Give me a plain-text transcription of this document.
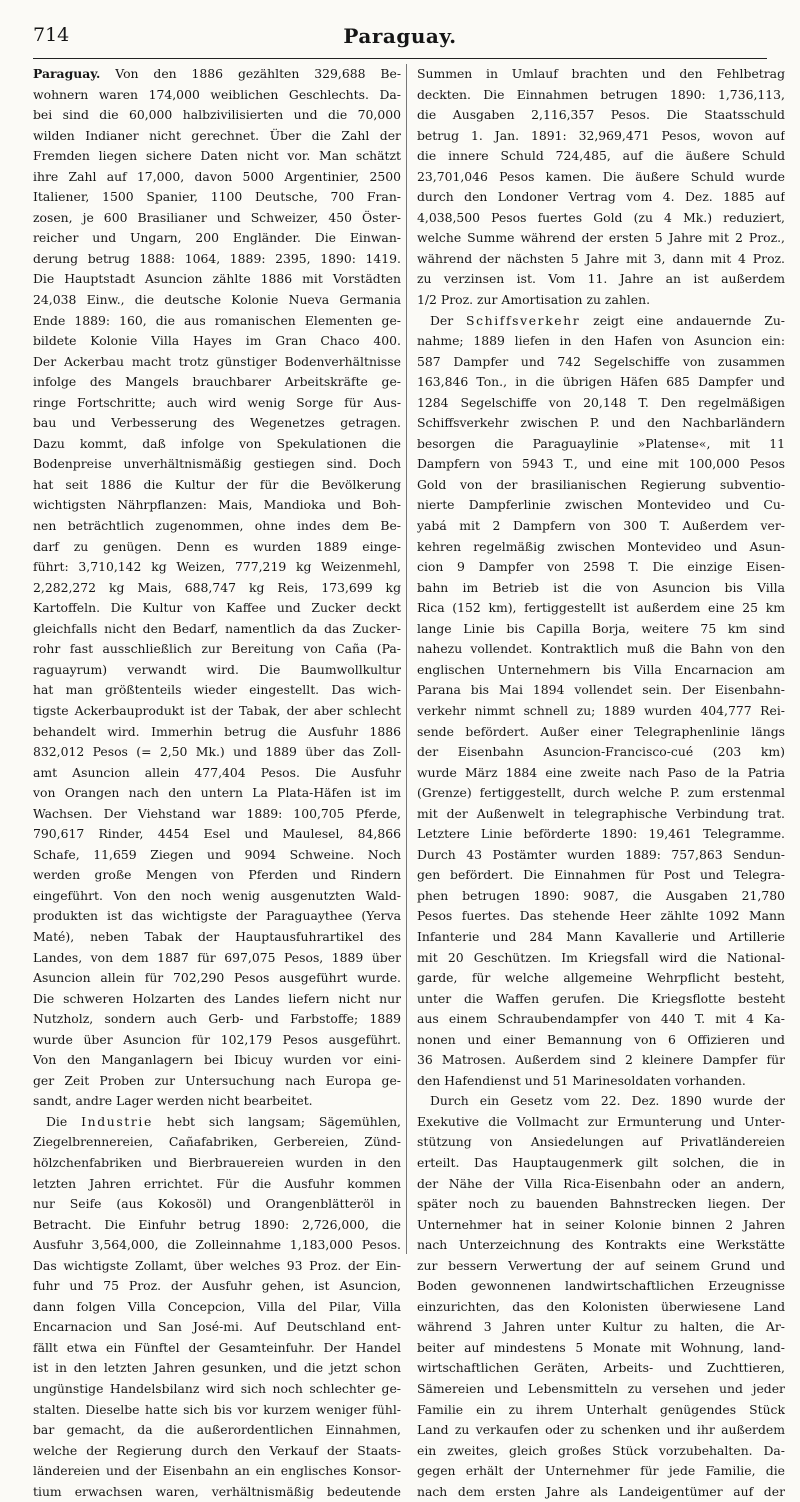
714	Paraguay.
Paraguay. Von den 1886 gezählten 329,688 Be-
wohnern waren 174,000 weiblichen Geschlechts. Da-
bei sind die 60,000 halbzivilisierten und die 70,000
wilden Indianer nicht gerechnet. Über die Zahl der
Fremden liegen sichere Daten nicht vor. Man schätzt
ihre Zahl auf 17,000, davon 5000 Argentinier, 2500
Italiener, 1500 Spanier, 1100 Deutsche, 700 Fran-
zosen, je 600 Brasilianer und Schweizer, 450 Öster-
reicher und Ungarn, 200 Engländer. Die Einwan-
derung betrug 1888: 1064, 1889: 2395, 1890: 1419.
Die Hauptstadt Asuncion zählte 1886 mit Vorstädten
24,038 Einw., die deutsche Kolonie Nueva Germania
Ende 1889: 160, die aus romanischen Elementen ge-
bildete Kolonie Villa Hayes im Gran Chaco 400.
Der Ackerbau macht trotz günstiger Bodenverhältnisse
infolge des Mangels brauchbarer Arbeitskräfte ge-
ringe Fortschritte; auch wird wenig Sorge für Aus-
bau und Verbesserung des Wegenetzes getragen.
Dazu kommt, daß infolge von Spekulationen die
Bodenpreise unverhältnismäßig gestiegen sind. Doch
hat seit 1886 die Kultur der für die Bevölkerung
wichtigsten Nährpflanzen: Mais, Mandioka und Boh-
nen beträchtlich zugenommen, ohne indes dem Be-
darf zu genügen. Denn es wurden 1889 einge-
führt: 3,710,142 kg Weizen, 777,219 kg Weizenmehl,
2,282,272 kg Mais, 688,747 kg Reis, 173,699 kg
Kartoffeln. Die Kultur von Kaffee und Zucker deckt
gleichfalls nicht den Bedarf, namentlich da das Zucker-
rohr fast ausschließlich zur Bereitung von Caña (Pa-
raguayrum) verwandt wird. Die Baumwollkultur
hat man größtenteils wieder eingestellt. Das wich-
tigste Ackerbauprodukt ist der Tabak, der aber schlecht
behandelt wird. Immerhin betrug die Ausfuhr 1886
832,012 Pesos (= 2,50 Mk.) und 1889 über das Zoll-
amt Asuncion allein 477,404 Pesos. Die Ausfuhr
von Orangen nach den untern La Plata-Häfen ist im
Wachsen. Der Viehstand war 1889: 100,705 Pferde,
790,617 Rinder, 4454 Esel und Maulesel, 84,866
Schafe, 11,659 Ziegen und 9094 Schweine. Noch
werden große Mengen von Pferden und Rindern
eingeführt. Von den noch wenig ausgenutzten Wald-
produkten ist das wichtigste der Paraguaythee (Yerva
Maté), neben Tabak der Hauptausfuhrartikel des
Landes, von dem 1887 für 697,075 Pesos, 1889 über
Asuncion allein für 702,290 Pesos ausgeführt wurde.
Die schweren Holzarten des Landes liefern nicht nur
Nutzholz, sondern auch Gerb- und Farbstoffe; 1889
wurde über Asuncion für 102,179 Pesos ausgeführt.
Von den Manganlagern bei Ibicuy wurden vor eini-
ger Zeit Proben zur Untersuchung nach Europa ge-
sandt, andre Lager werden nicht bearbeitet.
Die Industrie hebt sich langsam; Sägemühlen,
Ziegelbrennereien, Cañafabriken, Gerbereien, Zünd-
hölzchenfabriken und Bierbrauereien wurden in den
letzten Jahren errichtet. Für die Ausfuhr kommen
nur Seife (aus Kokosöl) und Orangenblätteröl in
Betracht. Die Einfuhr betrug 1890: 2,726,000, die
Ausfuhr 3,564,000, die Zolleinnahme 1,183,000 Pesos.
Das wichtigste Zollamt, über welches 93 Proz. der Ein-
fuhr und 75 Proz. der Ausfuhr gehen, ist Asuncion,
dann folgen Villa Concepcion, Villa del Pilar, Villa
Encarnacion und San José-mi. Auf Deutschland ent-
fällt etwa ein Fünftel der Gesamteinfuhr. Der Handel
ist in den letzten Jahren gesunken, und die jetzt schon
ungünstige Handelsbilanz wird sich noch schlechter ge-
stalten. Dieselbe hatte sich bis vor kurzem weniger fühl-
bar gemacht, da die außerordentlichen Einnahmen,
welche der Regierung durch den Verkauf der Staats-
ländereien und der Eisenbahn an ein englisches Konsor-
tium erwachsen waren, verhältnismäßig bedeutende
Summen in Umlauf brachten und den Fehlbetrag
deckten. Die Einnahmen betrugen 1890: 1,736,113,
die Ausgaben 2,116,357 Pesos. Die Staatsschuld
betrug 1. Jan. 1891: 32,969,471 Pesos, wovon auf
die innere Schuld 724,485, auf die äußere Schuld
23,701,046 Pesos kamen. Die äußere Schuld wurde
durch den Londoner Vertrag vom 4. Dez. 1885 auf
4,038,500 Pesos fuertes Gold (zu 4 Mk.) reduziert,
welche Summe während der ersten 5 Jahre mit 2 Proz.,
während der nächsten 5 Jahre mit 3, dann mit 4 Proz.
zu verzinsen ist. Vom 11. Jahre an ist außerdem
1/2 Proz. zur Amortisation zu zahlen.
Der Schiffsverkehr zeigt eine andauernde Zu-
nahme; 1889 liefen in den Hafen von Asuncion ein:
587 Dampfer und 742 Segelschiffe von zusammen
163,846 Ton., in die übrigen Häfen 685 Dampfer und
1284 Segelschiffe von 20,148 T. Den regelmäßigen
Schiffsverkehr zwischen P. und den Nachbarländern
besorgen die Paraguaylinie »Platense«, mit 11
Dampfern von 5943 T., und eine mit 100,000 Pesos
Gold von der brasilianischen Regierung subventio-
nierte Dampferlinie zwischen Montevideo und Cu-
yabá mit 2 Dampfern von 300 T. Außerdem ver-
kehren regelmäßig zwischen Montevideo und Asun-
cion 9 Dampfer von 2598 T. Die einzige Eisen-
bahn im Betrieb ist die von Asuncion bis Villa
Rica (152 km), fertiggestellt ist außerdem eine 25 km
lange Linie bis Capilla Borja, weitere 75 km sind
nahezu vollendet. Kontraktlich muß die Bahn von den
englischen Unternehmern bis Villa Encarnacion am
Parana bis Mai 1894 vollendet sein. Der Eisenbahn-
verkehr nimmt schnell zu; 1889 wurden 404,777 Rei-
sende befördert. Außer einer Telegraphenlinie längs
der Eisenbahn Asuncion-Francisco-cué (203 km)
wurde März 1884 eine zweite nach Paso de la Patria
(Grenze) fertiggestellt, durch welche P. zum erstenmal
mit der Außenwelt in telegraphische Verbindung trat.
Letztere Linie beförderte 1890: 19,461 Telegramme.
Durch 43 Postämter wurden 1889: 757,863 Sendun-
gen befördert. Die Einnahmen für Post und Telegra-
phen betrugen 1890: 9087, die Ausgaben 21,780
Pesos fuertes. Das stehende Heer zählte 1092 Mann
Infanterie und 284 Mann Kavallerie und Artillerie
mit 20 Geschützen. Im Kriegsfall wird die National-
garde, für welche allgemeine Wehrpflicht besteht,
unter die Waffen gerufen. Die Kriegsflotte besteht
aus einem Schraubendampfer von 440 T. mit 4 Ka-
nonen und einer Bemannung von 6 Offizieren und
36 Matrosen. Außerdem sind 2 kleinere Dampfer für
den Hafendienst und 51 Marinesoldaten vorhanden.
Durch ein Gesetz vom 22. Dez. 1890 wurde der
Exekutive die Vollmacht zur Ermunterung und Unter-
stützung von Ansiedelungen auf Privatländereien
erteilt. Das Hauptaugenmerk gilt solchen, die in
der Nähe der Villa Rica-Eisenbahn oder an andern,
später noch zu bauenden Bahnstrecken liegen. Der
Unternehmer hat in seiner Kolonie binnen 2 Jahren
nach Unterzeichnung des Kontrakts eine Werkstätte
zur bessern Verwertung der auf seinem Grund und
Boden gewonnenen landwirtschaftlichen Erzeugnisse
einzurichten, das den Kolonisten überwiesene Land
während 3 Jahren unter Kultur zu halten, die Ar-
beiter auf mindestens 5 Monate mit Wohnung, land-
wirtschaftlichen Geräten, Arbeits- und Zuchttieren,
Sämereien und Lebensmitteln zu versehen und jeder
Familie ein zu ihrem Unterhalt genügendes Stück
Land zu verkaufen oder zu schenken und ihr außerdem
ein zweites, gleich großes Stück vorzubehalten. Da-
gegen erhält der Unternehmer für jede Familie, die
nach dem ersten Jahre als Landeigentümer auf der
